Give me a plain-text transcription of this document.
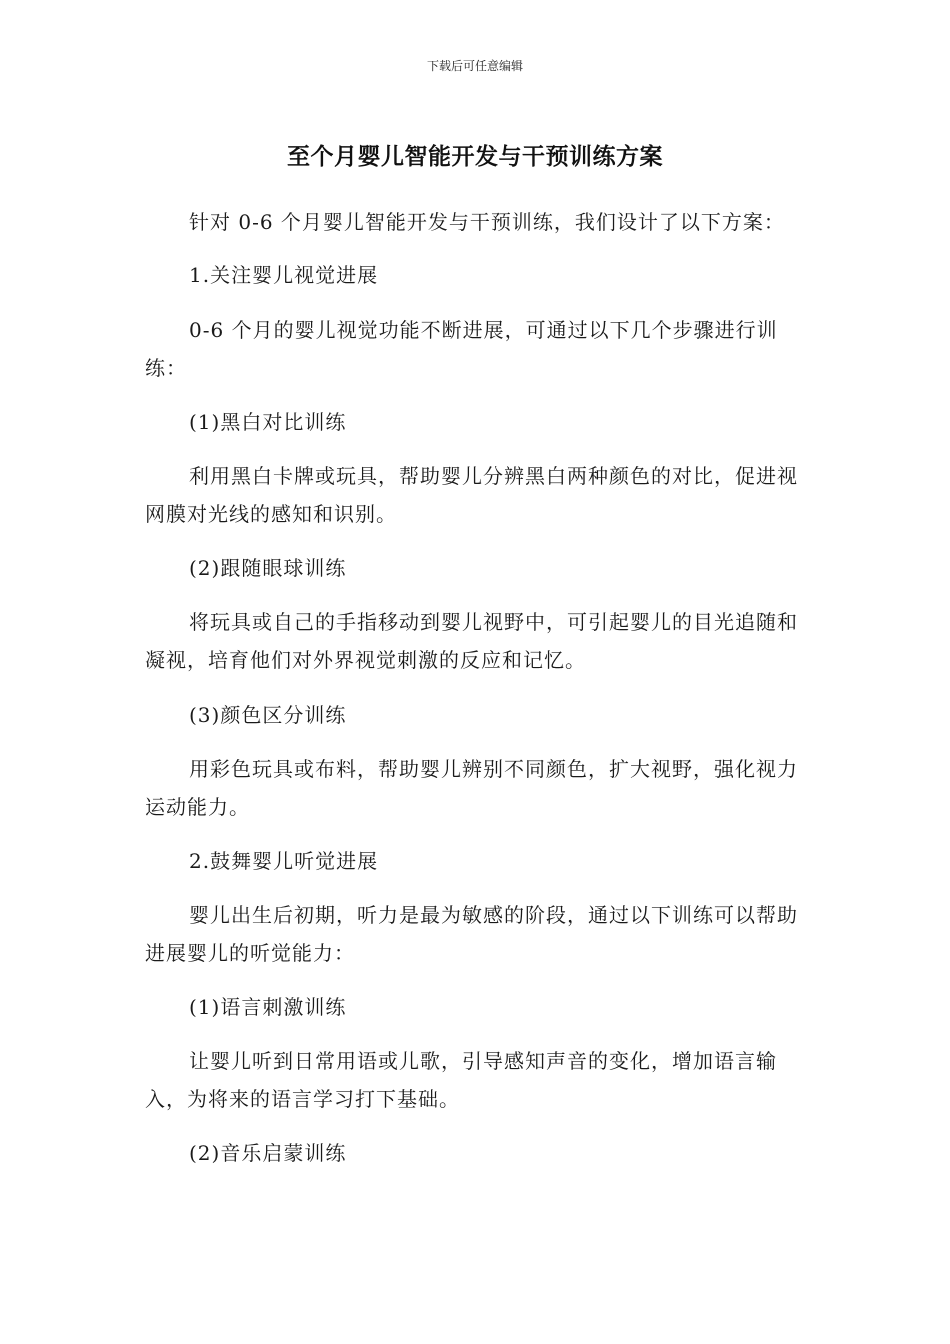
下载后可任意编辑
至个月婴儿智能开发与干预训练方案

针对 0-6 个月婴儿智能开发与干预训练，我们设计了以下方案：

1.关注婴儿视觉进展

0-6 个月的婴儿视觉功能不断进展，可通过以下几个步骤进行训练：

(1)黑白对比训练

利用黑白卡牌或玩具，帮助婴儿分辨黑白两种颜色的对比，促进视网膜对光线的感知和识别。

(2)跟随眼球训练

将玩具或自己的手指移动到婴儿视野中，可引起婴儿的目光追随和凝视，培育他们对外界视觉刺激的反应和记忆。

(3)颜色区分训练

用彩色玩具或布料，帮助婴儿辨别不同颜色，扩大视野，强化视力运动能力。

2.鼓舞婴儿听觉进展

婴儿出生后初期，听力是最为敏感的阶段，通过以下训练可以帮助进展婴儿的听觉能力：

(1)语言刺激训练

让婴儿听到日常用语或儿歌，引导感知声音的变化，增加语言输入，为将来的语言学习打下基础。

(2)音乐启蒙训练
